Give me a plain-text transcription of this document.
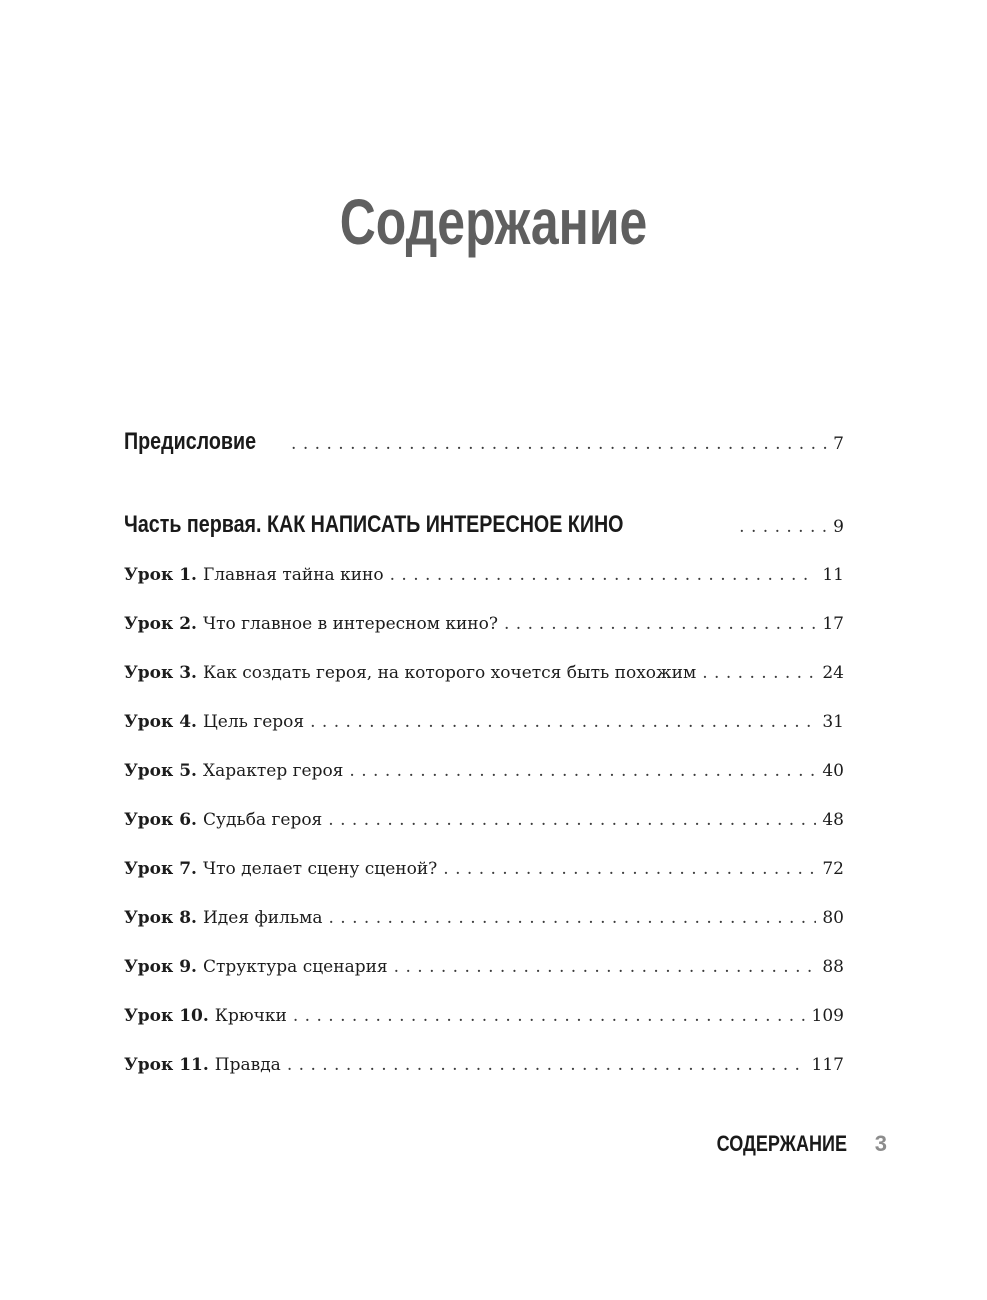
Содержание
Предисловие . . .	7
Часть первая. КАК НАПИСАТЬ ИНТЕРЕСНОЕ КИНО . . .	9
Урок 1. Главная тайна кино . . .	11
Урок 2. Что главное в интересном кино? . . .	17
Урок 3. Как создать героя, на которого хочется быть похожим . . .	24
Урок 4. Цель героя . . .	31
Урок 5. Характер героя . . .	40
Урок 6. Судьба героя . . .	48
Урок 7. Что делает сцену сценой? . . .	72
Урок 8. Идея фильма . . .	80
Урок 9. Структура сценария . . .	88
Урок 10. Крючки . . .	109
Урок 11. Правда . . .	117
СОДЕРЖАНИЕ 3
